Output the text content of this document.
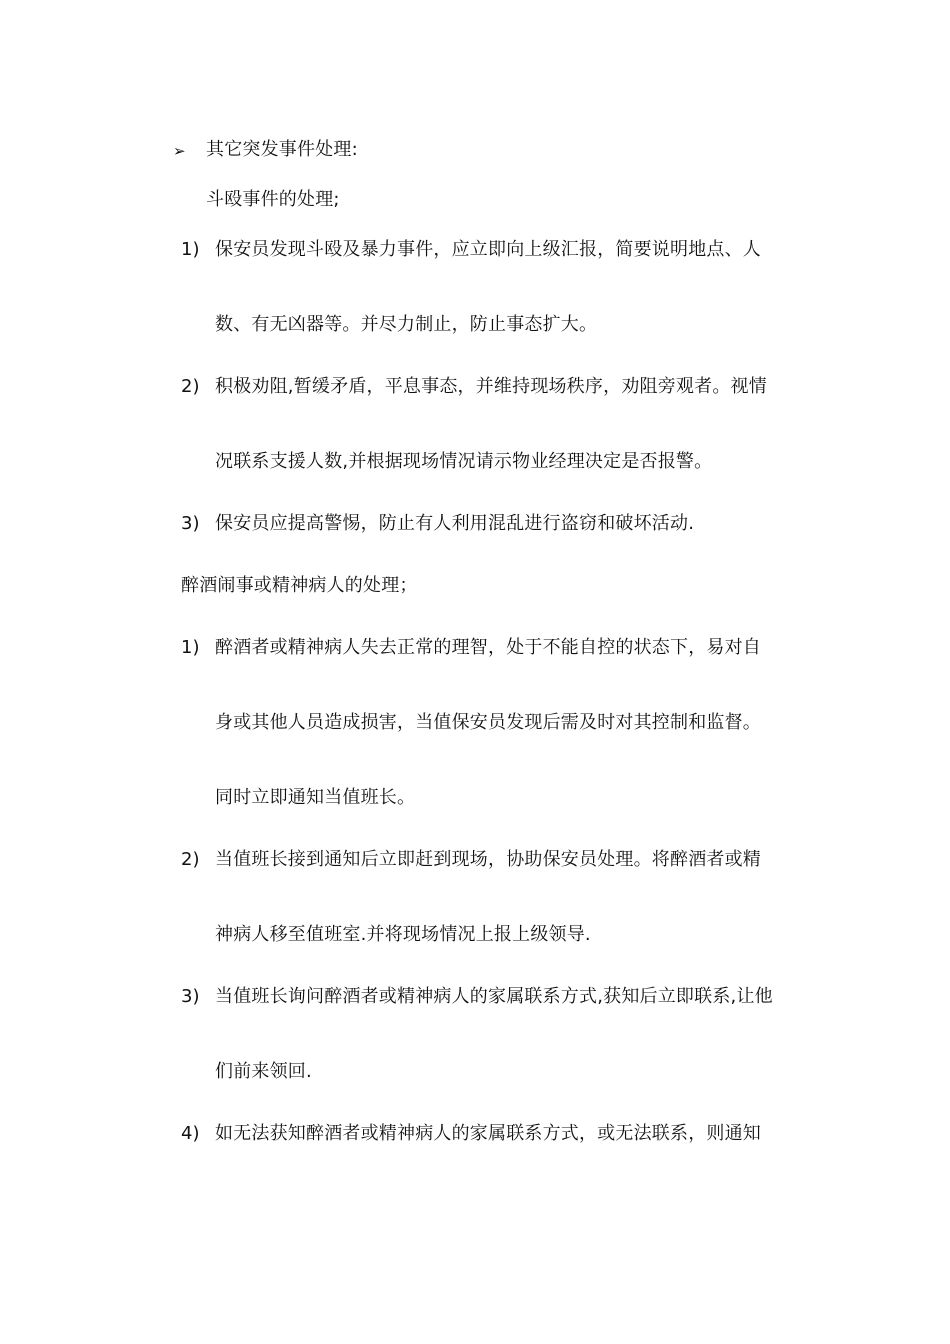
➢ 其它突发事件处理:
斗殴事件的处理;
1) 保安员发现斗殴及暴力事件，应立即向上级汇报，简要说明地点、人
数、有无凶器等。并尽力制止，防止事态扩大。
2) 积极劝阻,暂缓矛盾，平息事态，并维持现场秩序，劝阻旁观者。视情
况联系支援人数,并根据现场情况请示物业经理决定是否报警。
3) 保安员应提高警惕，防止有人利用混乱进行盗窃和破坏活动.
醉酒闹事或精神病人的处理；
1) 醉酒者或精神病人失去正常的理智，处于不能自控的状态下，易对自
身或其他人员造成损害，当值保安员发现后需及时对其控制和监督。
同时立即通知当值班长。
2) 当值班长接到通知后立即赶到现场，协助保安员处理。将醉酒者或精
神病人移至值班室.并将现场情况上报上级领导.
3) 当值班长询问醉酒者或精神病人的家属联系方式,获知后立即联系,让他
们前来领回.
4) 如无法获知醉酒者或精神病人的家属联系方式，或无法联系，则通知
